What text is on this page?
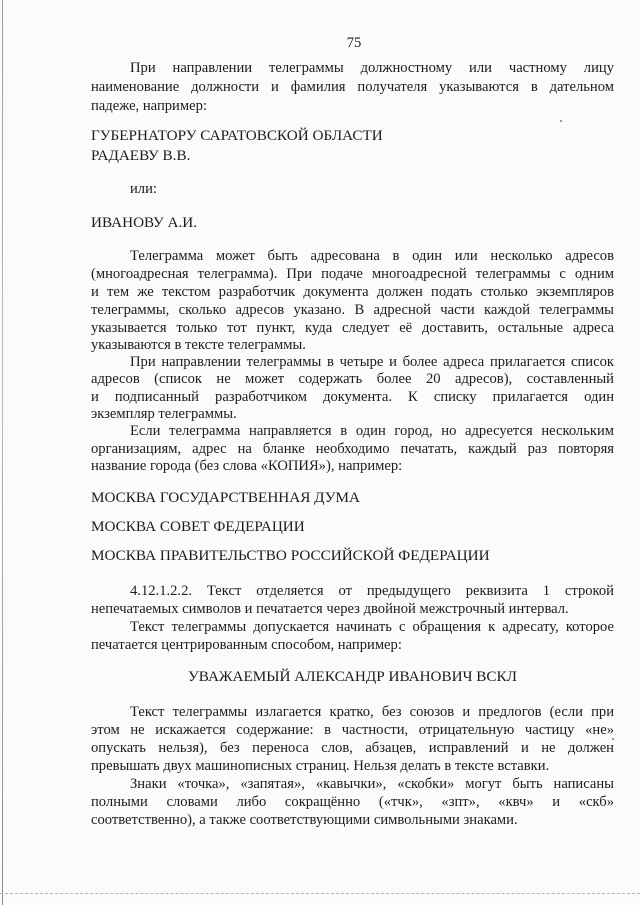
75
При направлении телеграммы должностному или частному лицу
наименование должности и фамилия получателя указываются в дательном
падеже, например:
ГУБЕРНАТОРУ САРАТОВСКОЙ ОБЛАСТИ
РАДАЕВУ В.В.
или:
ИВАНОВУ А.И.
Телеграмма может быть адресована в один или несколько адресов
(многоадресная телеграмма). При подаче многоадресной телеграммы с одним
и тем же текстом разработчик документа должен подать столько экземпляров
телеграммы, сколько адресов указано. В адресной части каждой телеграммы
указывается только тот пункт, куда следует её доставить, остальные адреса
указываются в тексте телеграммы.
При направлении телеграммы в четыре и более адреса прилагается список
адресов (список не может содержать более 20 адресов), составленный
и подписанный разработчиком документа. К списку прилагается один
экземпляр телеграммы.
Если телеграмма направляется в один город, но адресуется нескольким
организациям, адрес на бланке необходимо печатать, каждый раз повторяя
название города (без слова «КОПИЯ»), например:
МОСКВА ГОСУДАРСТВЕННАЯ ДУМА
МОСКВА СОВЕТ ФЕДЕРАЦИИ
МОСКВА ПРАВИТЕЛЬСТВО РОССИЙСКОЙ ФЕДЕРАЦИИ
4.12.1.2.2. Текст отделяется от предыдущего реквизита 1 строкой
непечатаемых символов и печатается через двойной межстрочный интервал.
Текст телеграммы допускается начинать с обращения к адресату, которое
печатается центрированным способом, например:
УВАЖАЕМЫЙ АЛЕКСАНДР ИВАНОВИЧ ВСКЛ
Текст телеграммы излагается кратко, без союзов и предлогов (если при
этом не искажается содержание: в частности, отрицательную частицу «не»
опускать нельзя), без переноса слов, абзацев, исправлений и не должен
превышать двух машинописных страниц. Нельзя делать в тексте вставки.
Знаки «точка», «запятая», «кавычки», «скобки» могут быть написаны
полными словами либо сокращённо («тчк», «зпт», «квч» и «скб»
соответственно), а также соответствующими символьными знаками.
